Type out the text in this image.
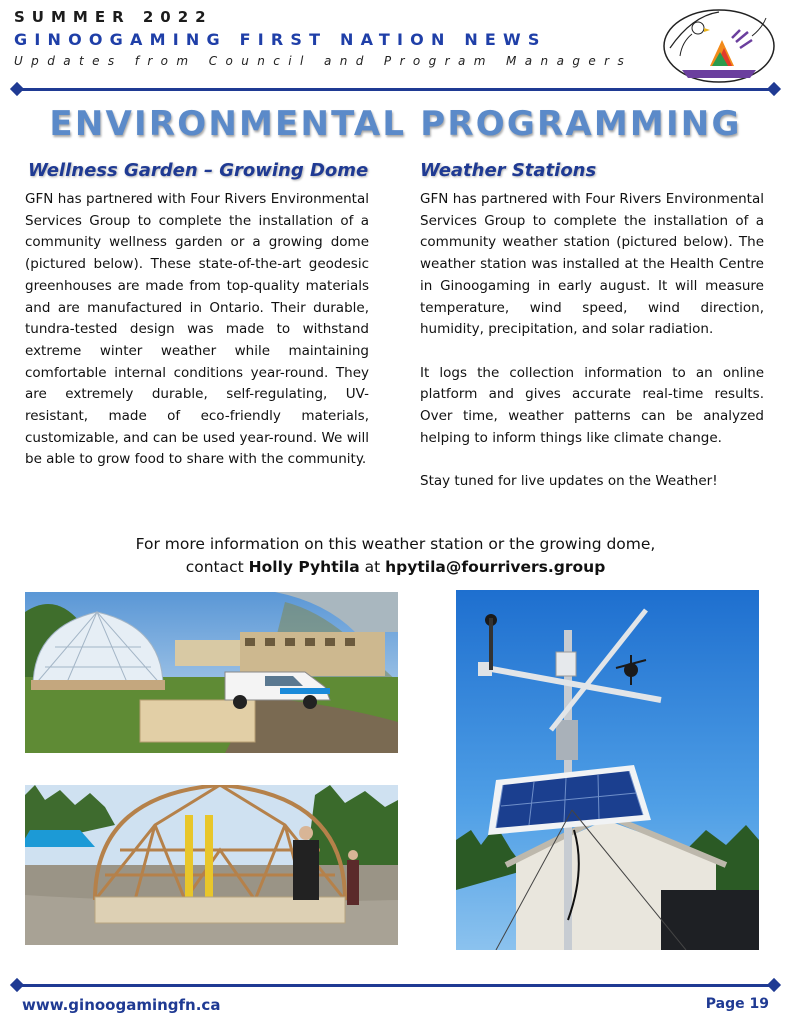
SUMMER 2022
GINOOGAMING FIRST NATION NEWS
Updates from Council and Program Managers
ENVIRONMENTAL PROGRAMMING
Wellness Garden – Growing Dome	Weather Stations

GFN has partnered with Four Rivers Environmental Services Group to complete the installation of a community wellness garden or a growing dome (pictured below). These state-of-the-art geodesic greenhouses are made from top-quality materials and are manufactured in Ontario. Their durable, tundra-tested design was made to withstand extreme winter weather while maintaining comfortable internal conditions year-round. They are extremely durable, self-regulating, UV-resistant, made of eco-friendly materials, customizable, and can be used year-round. We will be able to grow food to share with the community.

GFN has partnered with Four Rivers Environmental Services Group to complete the installation of a community weather station (pictured below). The weather station was installed at the Health Centre in Ginoogaming in early august. It will measure temperature, wind speed, wind direction, humidity, precipitation, and solar radiation.

It logs the collection information to an online platform and gives accurate real-time results. Over time, weather patterns can be analyzed helping to inform things like climate change.

Stay tuned for live updates on the Weather!

For more information on this weather station or the growing dome,
contact Holly Pyhtila at hpytila@fourrivers.group
www.ginoogamingfn.ca	Page 19
